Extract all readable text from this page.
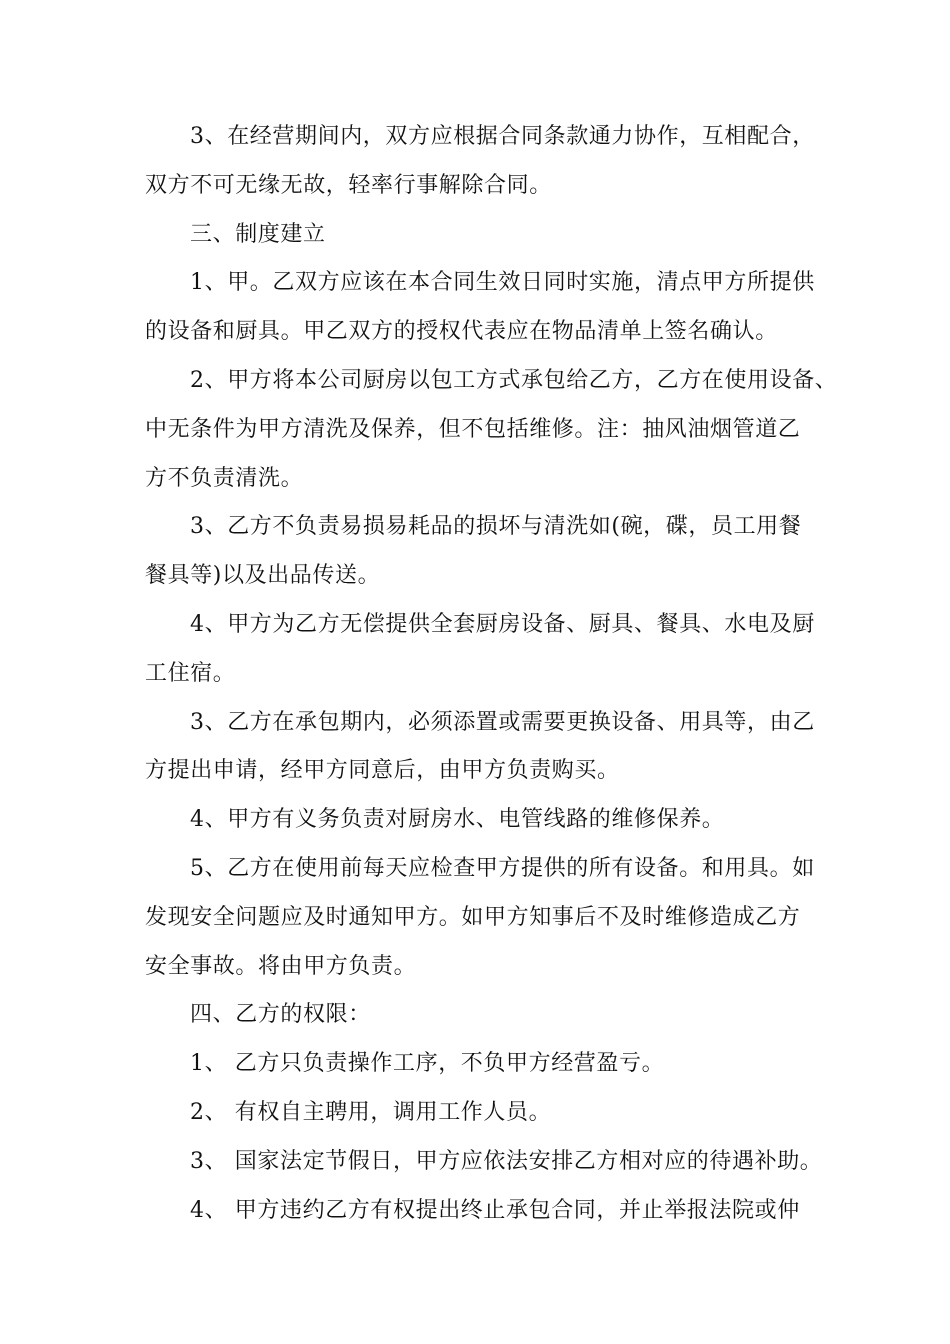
3、在经营期间内，双方应根据合同条款通力协作，互相配合，
双方不可无缘无故，轻率行事解除合同。
三、制度建立
1、甲。乙双方应该在本合同生效日同时实施，清点甲方所提供
的设备和厨具。甲乙双方的授权代表应在物品清单上签名确认。
2、甲方将本公司厨房以包工方式承包给乙方，乙方在使用设备、
中无条件为甲方清洗及保养，但不包括维修。注：抽风油烟管道乙
方不负责清洗。
3、乙方不负责易损易耗品的损坏与清洗如(碗，碟，员工用餐
餐具等)以及出品传送。
4、甲方为乙方无偿提供全套厨房设备、厨具、餐具、水电及厨
工住宿。
3、乙方在承包期内，必须添置或需要更换设备、用具等，由乙
方提出申请，经甲方同意后，由甲方负责购买。
4、甲方有义务负责对厨房水、电管线路的维修保养。
5、乙方在使用前每天应检查甲方提供的所有设备。和用具。如
发现安全问题应及时通知甲方。如甲方知事后不及时维修造成乙方
安全事故。将由甲方负责。
四、乙方的权限：
1、 乙方只负责操作工序，不负甲方经营盈亏。
2、 有权自主聘用，调用工作人员。
3、 国家法定节假日，甲方应依法安排乙方相对应的待遇补助。
4、 甲方违约乙方有权提出终止承包合同，并止举报法院或仲
